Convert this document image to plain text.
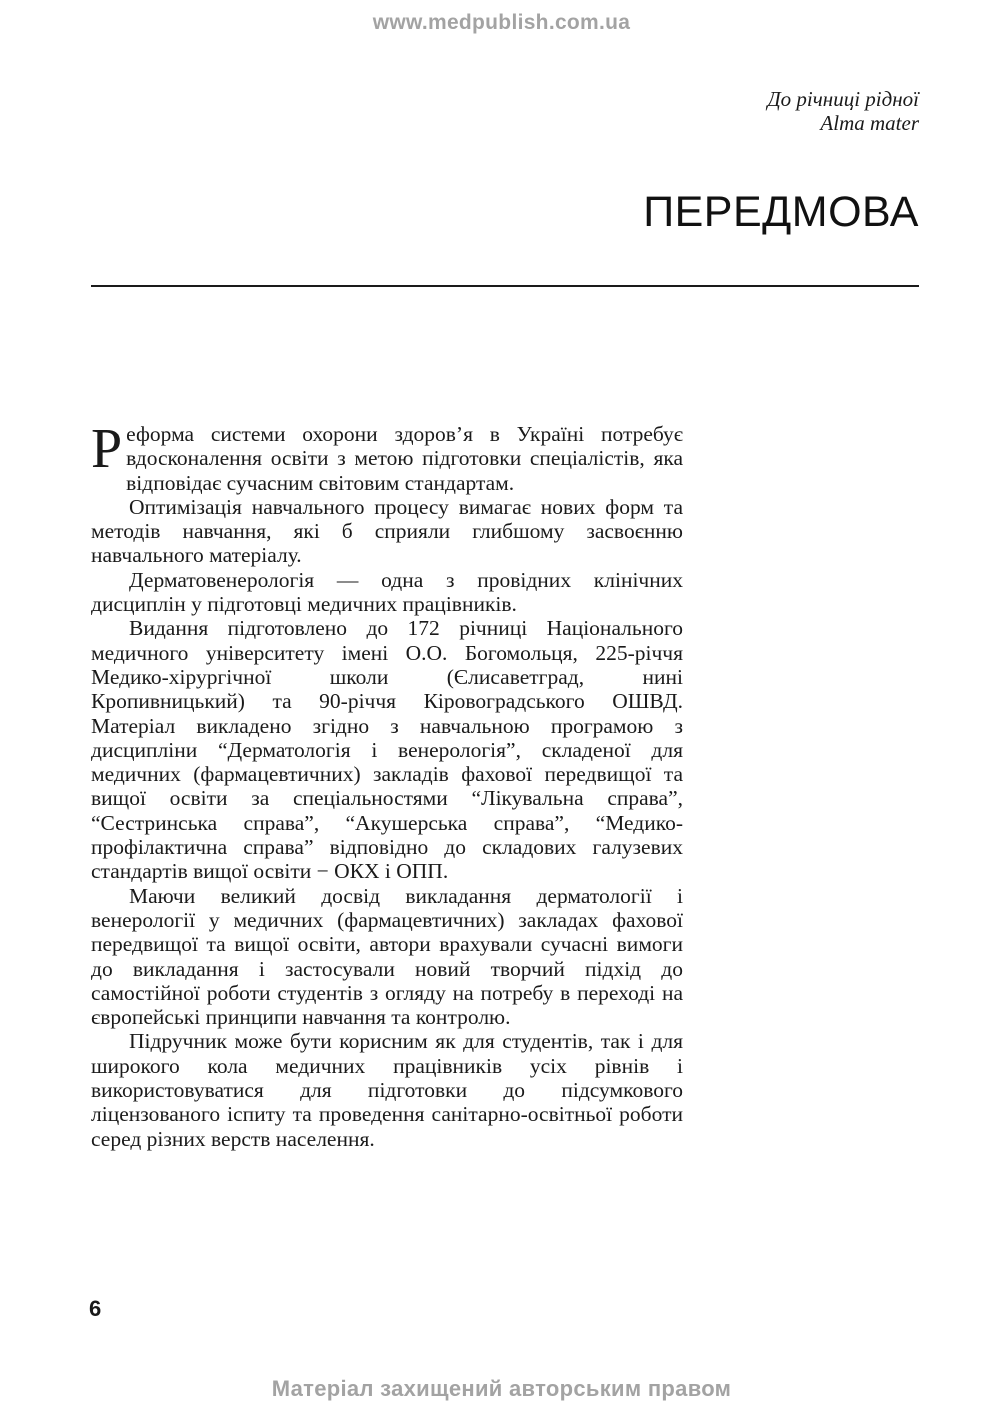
www.medpublish.com.ua
До річниці рідної
Alma mater
ПЕРЕДМОВА

Реформа системи охорони здоров’я в Україні потребує вдосконалення освіти з метою підготовки спеціалістів, яка відповідає сучасним світовим стандартам.

Оптимізація навчального процесу вимагає нових форм та методів навчання, які б сприяли глибшому засвоєнню навчального матеріалу.

Дерматовенерологія — одна з провідних клінічних дисциплін у підготовці медичних працівників.

Видання підготовлено до 172 річниці Національного медичного університету імені О.О. Богомольця, 225-річчя Медико-хірургічної школи (Єлисаветград, нині Кропивницький) та 90-річчя Кіровоградського ОШВД. Матеріал викладено згідно з навчальною програмою з дисципліни “Дерматологія і венерологія”, складеної для медичних (фармацевтичних) закладів фахової передвищої та вищої освіти за спеціальностями “Лікувальна справа”, “Сестринська справа”, “Акушерська справа”, “Медико-профілактична справа” відповідно до складових галузевих стандартів вищої освіти − ОКХ і ОПП.

Маючи великий досвід викладання дерматології і венерології у медичних (фармацевтичних) закладах фахової передвищої та вищої освіти, автори врахували сучасні вимоги до викладання і застосували новий творчий підхід до самостійної роботи студентів з огляду на потребу в переході на європейські принципи навчання та контролю.

Підручник може бути корисним як для студентів, так і для широкого кола медичних працівників усіх рівнів і використовуватися для підготовки до підсумкового ліцензованого іспиту та проведення санітарно-освітньої роботи серед різних верств населення.

6
Матеріал захищений авторським правом
